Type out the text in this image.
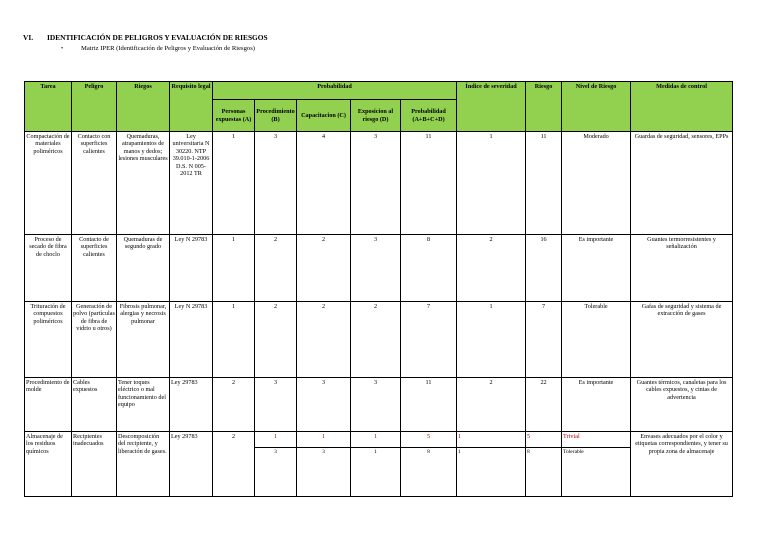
VI. IDENTIFICACIÓN DE PELIGROS Y EVALUACIÓN DE RIESGOS
•	Matriz IPER (Identificación de Peligros y Evaluación de Riesgos)
Tarea	Peligro	Riegos	Requisito legal	Probabilidad					Índice de severidad	Riesgo	Nivel de Riesgo	Medidas de control
				Personas expuestas (A)	Procedimiento (B)	Capacitacion (C)	Exposicion al riesgo (D)	Probabilidad (A+B+C+D)				
Compactación de materiales poliméricos	Contacto con superficies calientes	Quemaduras, atrapamientos de manos y dedos; lesiones musculares	Ley universitaria N 30220. NTP 39.010-1-2006 D.S. N 005-2012 TR	1	3	4	3	11	1	11	Moderado	Guardas de seguridad, sensores, EPPs
Proceso de secado de fibra de choclo	Contacto de superficies calientes	Quemaduras de segundo grado	Ley N 29783	1	2	2	3	8	2	16	Es importante	Guantes termorresistentes y señalización
Trituración de compuestos poliméricos	Generación de polvo (partículas de fibra de vidrio u otros)	Fibrosis pulmonar, alergias y necrosis pulmonar	Ley N 29783	1	2	2	2	7	1	7	Tolerable	Gafas de seguridad y sistema de extracción de gases
Procedimiento de molde	Cables expuestos	Tener toques eléctrico o mal funcionamiento del equipo	Ley 29783	2	3	3	3	11	2	22	Es importante	Guantes térmicos, canaletas para los cables expuestos, y cintas de advertencia
Almacenaje de los residuos químicos	Recipientes inadecuados	Descomposición del recipiente, y liberación de gases.	Ley 29783	2	1	1	1	5	1	5	Trivial	Envases adecuados por el color y etiquetas correspondientes, y tener su propia zona de almacenaje
					3	3	1	8	1	8	Tolerable	
